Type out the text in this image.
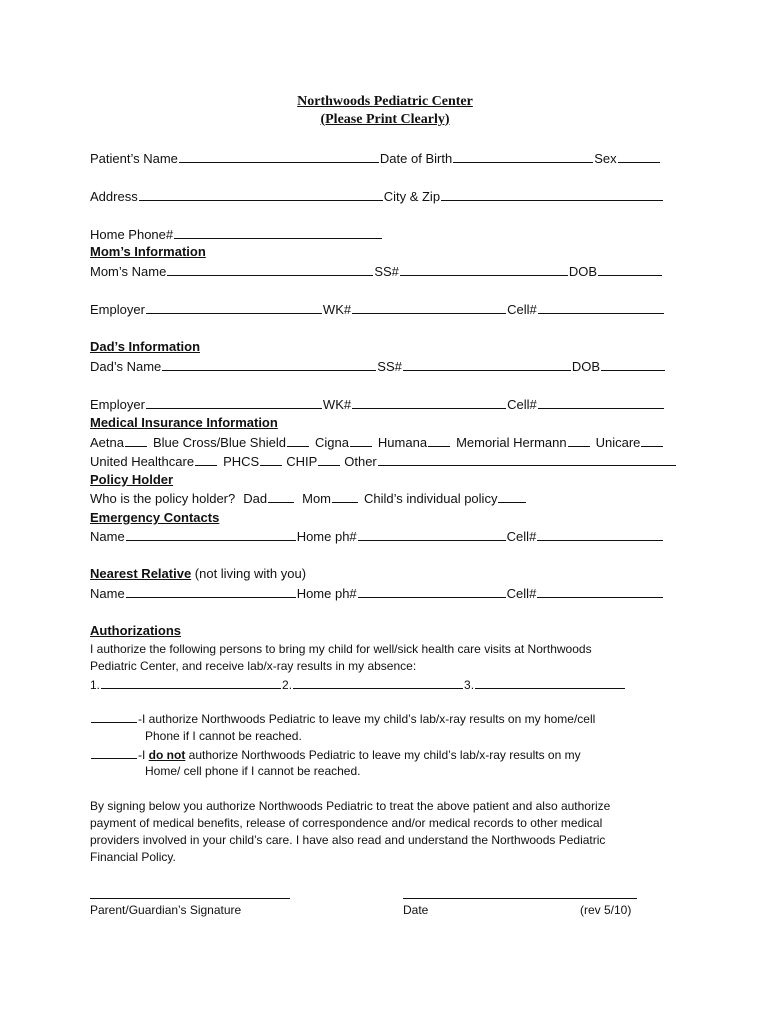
Northwoods Pediatric Center
(Please Print Clearly)
Patient’s Name	Date of Birth	Sex
Address	City & Zip
Home Phone#
Mom’s Information
Mom’s Name	SS#	DOB
Employer	WK#	Cell#
Dad’s Information
Dad’s Name	SS#	DOB
Employer	WK#	Cell#
Medical Insurance Information
Aetna Blue Cross/Blue Shield Cigna Humana Memorial Hermann Unicare
United Healthcare PHCS CHIP Other
Policy Holder
Who is the policy holder? Dad	Mom	Child’s individual policy
Emergency Contacts
Name	Home ph#	Cell#
Nearest Relative (not living with you)
Name	Home ph#	Cell#
Authorizations
I authorize the following persons to bring my child for well/sick health care visits at Northwoods
Pediatric Center, and receive lab/x-ray results in my absence:
1.	2.	3.
-I authorize Northwoods Pediatric to leave my child’s lab/x-ray results on my home/cell
Phone if I cannot be reached.
-I do not authorize Northwoods Pediatric to leave my child’s lab/x-ray results on my
Home/ cell phone if I cannot be reached.
By signing below you authorize Northwoods Pediatric to treat the above patient and also authorize
payment of medical benefits, release of correspondence and/or medical records to other medical
providers involved in your child’s care. I have also read and understand the Northwoods Pediatric
Financial Policy.
Parent/Guardian’s Signature	Date	(rev 5/10)
